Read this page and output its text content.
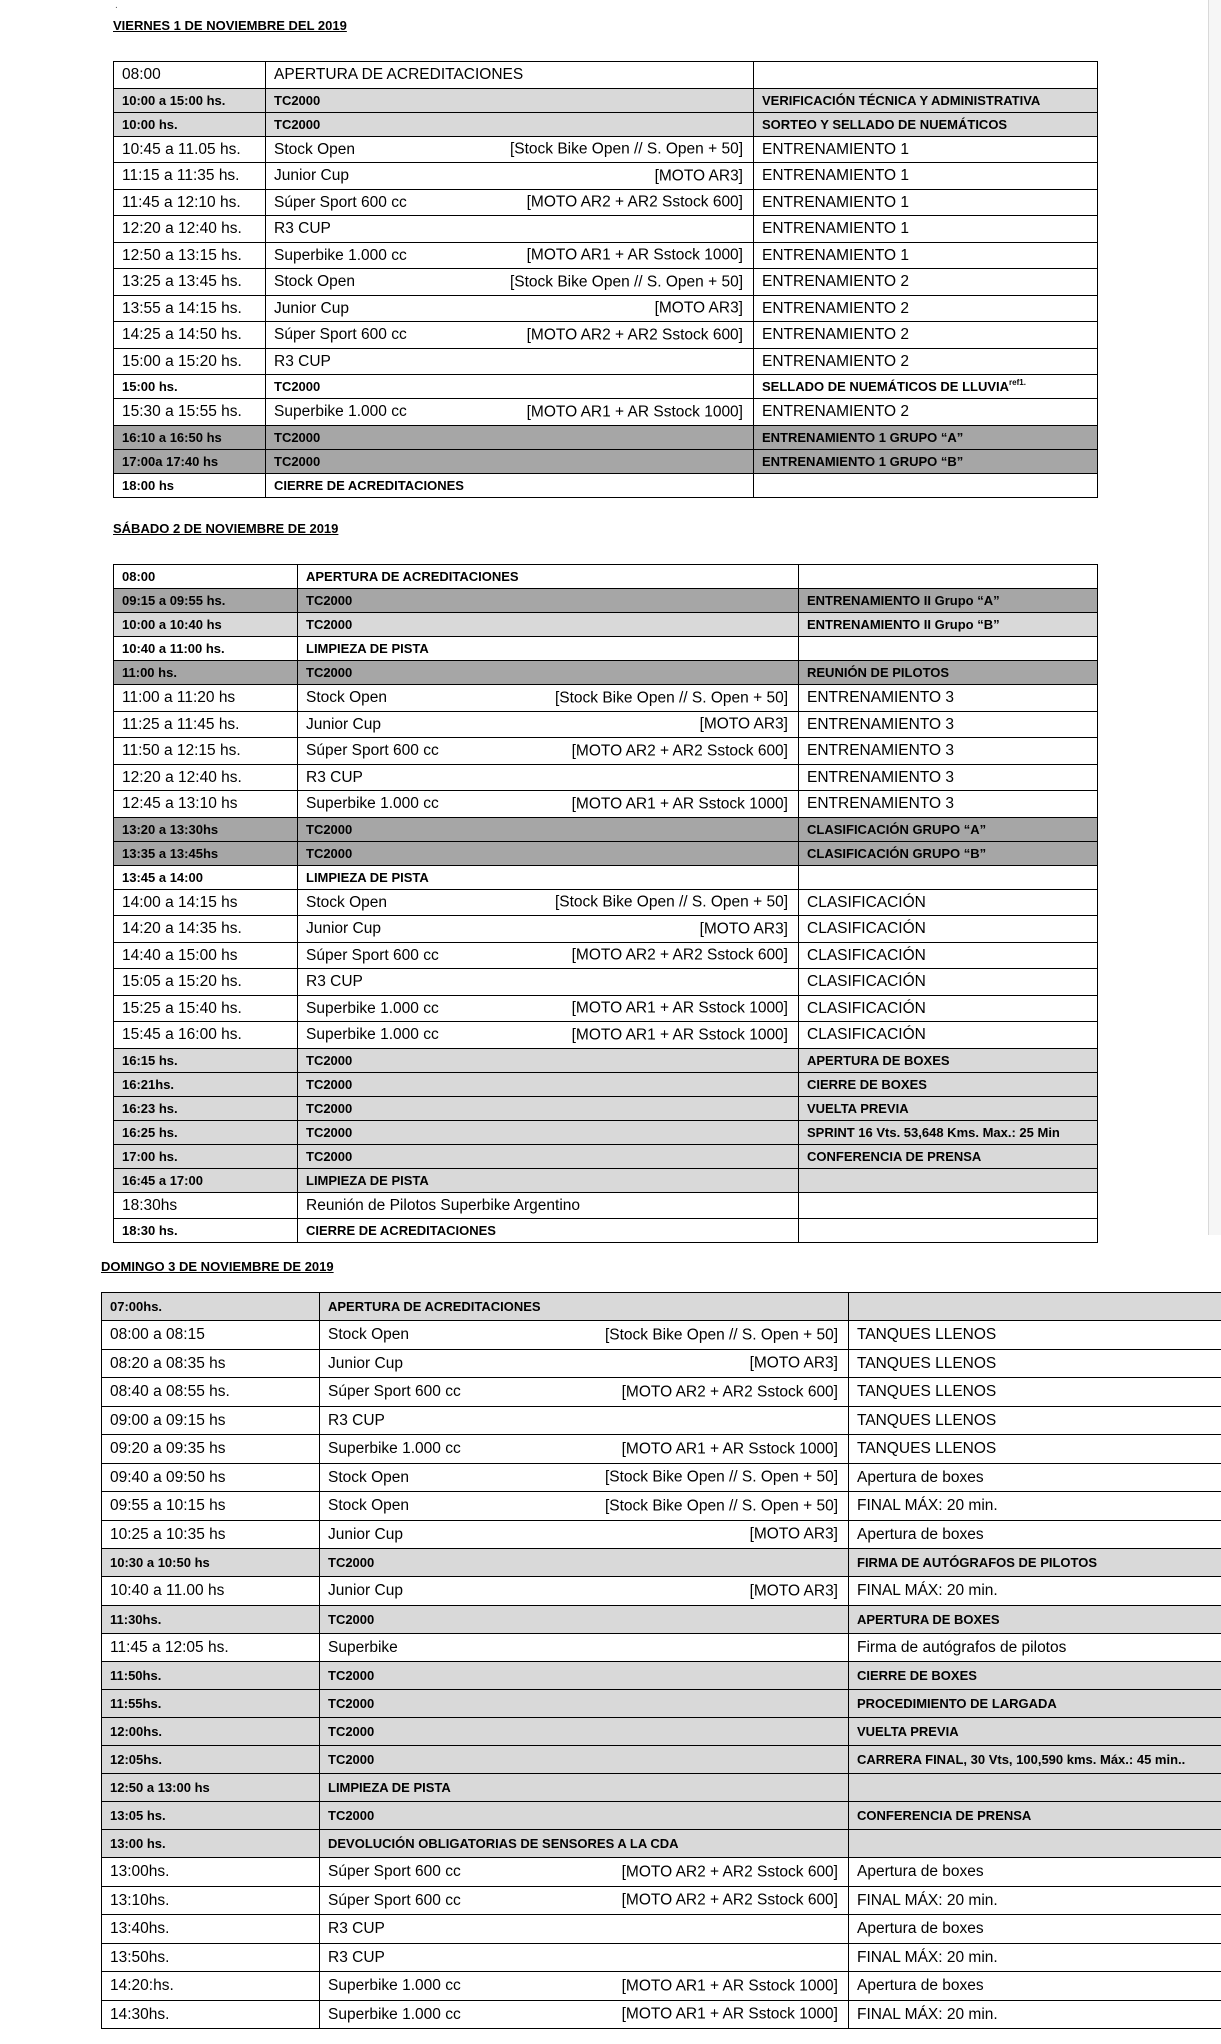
.
VIERNES 1 DE NOVIEMBRE DEL 2019
08:00	APERTURA DE ACREDITACIONES	
10:00 a 15:00 hs.	TC2000	VERIFICACIÓN TÉCNICA Y ADMINISTRATIVA
10:00 hs.	TC2000	SORTEO Y SELLADO DE NUEMÁTICOS
10:45 a 11.05 hs.	Stock Open [Stock Bike Open // S. Open + 50]	ENTRENAMIENTO 1
11:15 a 11:35 hs.	Junior Cup [MOTO AR3]	ENTRENAMIENTO 1
11:45 a 12:10 hs.	Súper Sport 600 cc [MOTO AR2 + AR2 Sstock 600]	ENTRENAMIENTO 1
12:20 a 12:40 hs.	R3 CUP	ENTRENAMIENTO 1
12:50 a 13:15 hs.	Superbike 1.000 cc [MOTO AR1 + AR Sstock 1000]	ENTRENAMIENTO 1
13:25 a 13:45 hs.	Stock Open [Stock Bike Open // S. Open + 50]	ENTRENAMIENTO 2
13:55 a 14:15 hs.	Junior Cup [MOTO AR3]	ENTRENAMIENTO 2
14:25 a 14:50 hs.	Súper Sport 600 cc [MOTO AR2 + AR2 Sstock 600]	ENTRENAMIENTO 2
15:00 a 15:20 hs.	R3 CUP	ENTRENAMIENTO 2
15:00 hs.	TC2000	SELLADO DE NUEMÁTICOS DE $LLUVIA^{ref1.}$
15:30 a 15:55 hs.	Superbike 1.000 cc [MOTO AR1 + AR Sstock 1000]	ENTRENAMIENTO 2
16:10 a 16:50 hs	TC2000	ENTRENAMIENTO 1 GRUPO “A”
17:00a 17:40 hs	TC2000	ENTRENAMIENTO 1 GRUPO “B”
18:00 hs	CIERRE DE ACREDITACIONES	
SÁBADO 2 DE NOVIEMBRE DE 2019
08:00	APERTURA DE ACREDITACIONES	
09:15 a 09:55 hs.	TC2000	ENTRENAMIENTO II Grupo “A”
10:00 a 10:40 hs	TC2000	ENTRENAMIENTO II Grupo “B”
10:40 a 11:00 hs.	LIMPIEZA DE PISTA	
11:00 hs.	TC2000	REUNIÓN DE PILOTOS
11:00 a 11:20 hs	Stock Open [Stock Bike Open // S. Open + 50]	ENTRENAMIENTO 3
11:25 a 11:45 hs.	Junior Cup [MOTO AR3]	ENTRENAMIENTO 3
11:50 a 12:15 hs.	Súper Sport 600 cc [MOTO AR2 + AR2 Sstock 600]	ENTRENAMIENTO 3
12:20 a 12:40 hs.	R3 CUP	ENTRENAMIENTO 3
12:45 a 13:10 hs	Superbike 1.000 cc [MOTO AR1 + AR Sstock 1000]	ENTRENAMIENTO 3
13:20 a 13:30hs	TC2000	CLASIFICACIÓN GRUPO “A”
13:35 a 13:45hs	TC2000	CLASIFICACIÓN GRUPO “B”
13:45 a 14:00	LIMPIEZA DE PISTA	
14:00 a 14:15 hs	Stock Open [Stock Bike Open // S. Open + 50]	CLASIFICACIÓN
14:20 a 14:35 hs.	Junior Cup [MOTO AR3]	CLASIFICACIÓN
14:40 a 15:00 hs	Súper Sport 600 cc [MOTO AR2 + AR2 Sstock 600]	CLASIFICACIÓN
15:05 a 15:20 hs.	R3 CUP	CLASIFICACIÓN
15:25 a 15:40 hs.	Superbike 1.000 cc [MOTO AR1 + AR Sstock 1000]	CLASIFICACIÓN
15:45 a 16:00 hs.	Superbike 1.000 cc [MOTO AR1 + AR Sstock 1000]	CLASIFICACIÓN
16:15 hs.	TC2000	APERTURA DE BOXES
16:21hs.	TC2000	CIERRE DE BOXES
16:23 hs.	TC2000	VUELTA PREVIA
16:25 hs.	TC2000	SPRINT 16 Vts. 53,648 Kms. Max.: 25 Min
17:00 hs.	TC2000	CONFERENCIA DE PRENSA
16:45 a 17:00	LIMPIEZA DE PISTA	
18:30hs	Reunión de Pilotos Superbike Argentino	
18:30 hs.	CIERRE DE ACREDITACIONES	
DOMINGO 3 DE NOVIEMBRE DE 2019
07:00hs.	APERTURA DE ACREDITACIONES	
08:00 a 08:15	Stock Open [Stock Bike Open // S. Open + 50]	TANQUES LLENOS
08:20 a 08:35 hs	Junior Cup [MOTO AR3]	TANQUES LLENOS
08:40 a 08:55 hs.	Súper Sport 600 cc [MOTO AR2 + AR2 Sstock 600]	TANQUES LLENOS
09:00 a 09:15 hs	R3 CUP	TANQUES LLENOS
09:20 a 09:35 hs	Superbike 1.000 cc [MOTO AR1 + AR Sstock 1000]	TANQUES LLENOS
09:40 a 09:50 hs	Stock Open [Stock Bike Open // S. Open + 50]	Apertura de boxes
09:55 a 10:15 hs	Stock Open [Stock Bike Open // S. Open + 50]	FINAL MÁX: 20 min.
10:25 a 10:35 hs	Junior Cup [MOTO AR3]	Apertura de boxes
10:30 a 10:50 hs	TC2000	FIRMA DE AUTÓGRAFOS DE PILOTOS
10:40 a 11.00 hs	Junior Cup [MOTO AR3]	FINAL MÁX: 20 min.
11:30hs.	TC2000	APERTURA DE BOXES
11:45 a 12:05 hs.	Superbike	Firma de autógrafos de pilotos
11:50hs.	TC2000	CIERRE DE BOXES
11:55hs.	TC2000	PROCEDIMIENTO DE LARGADA
12:00hs.	TC2000	VUELTA PREVIA
12:05hs.	TC2000	CARRERA FINAL, 30 Vts, 100,590 kms. Máx.: 45 min..
12:50 a 13:00 hs	LIMPIEZA DE PISTA	
13:05 hs.	TC2000	CONFERENCIA DE PRENSA
13:00 hs.	DEVOLUCIÓN OBLIGATORIAS DE SENSORES A LA CDA	
13:00hs.	Súper Sport 600 cc [MOTO AR2 + AR2 Sstock 600]	Apertura de boxes
13:10hs.	Súper Sport 600 cc [MOTO AR2 + AR2 Sstock 600]	FINAL MÁX: 20 min.
13:40hs.	R3 CUP	Apertura de boxes
13:50hs.	R3 CUP	FINAL MÁX: 20 min.
14:20:hs.	Superbike 1.000 cc [MOTO AR1 + AR Sstock 1000]	Apertura de boxes
14:30hs.	Superbike 1.000 cc [MOTO AR1 + AR Sstock 1000]	FINAL MÁX: 20 min.
